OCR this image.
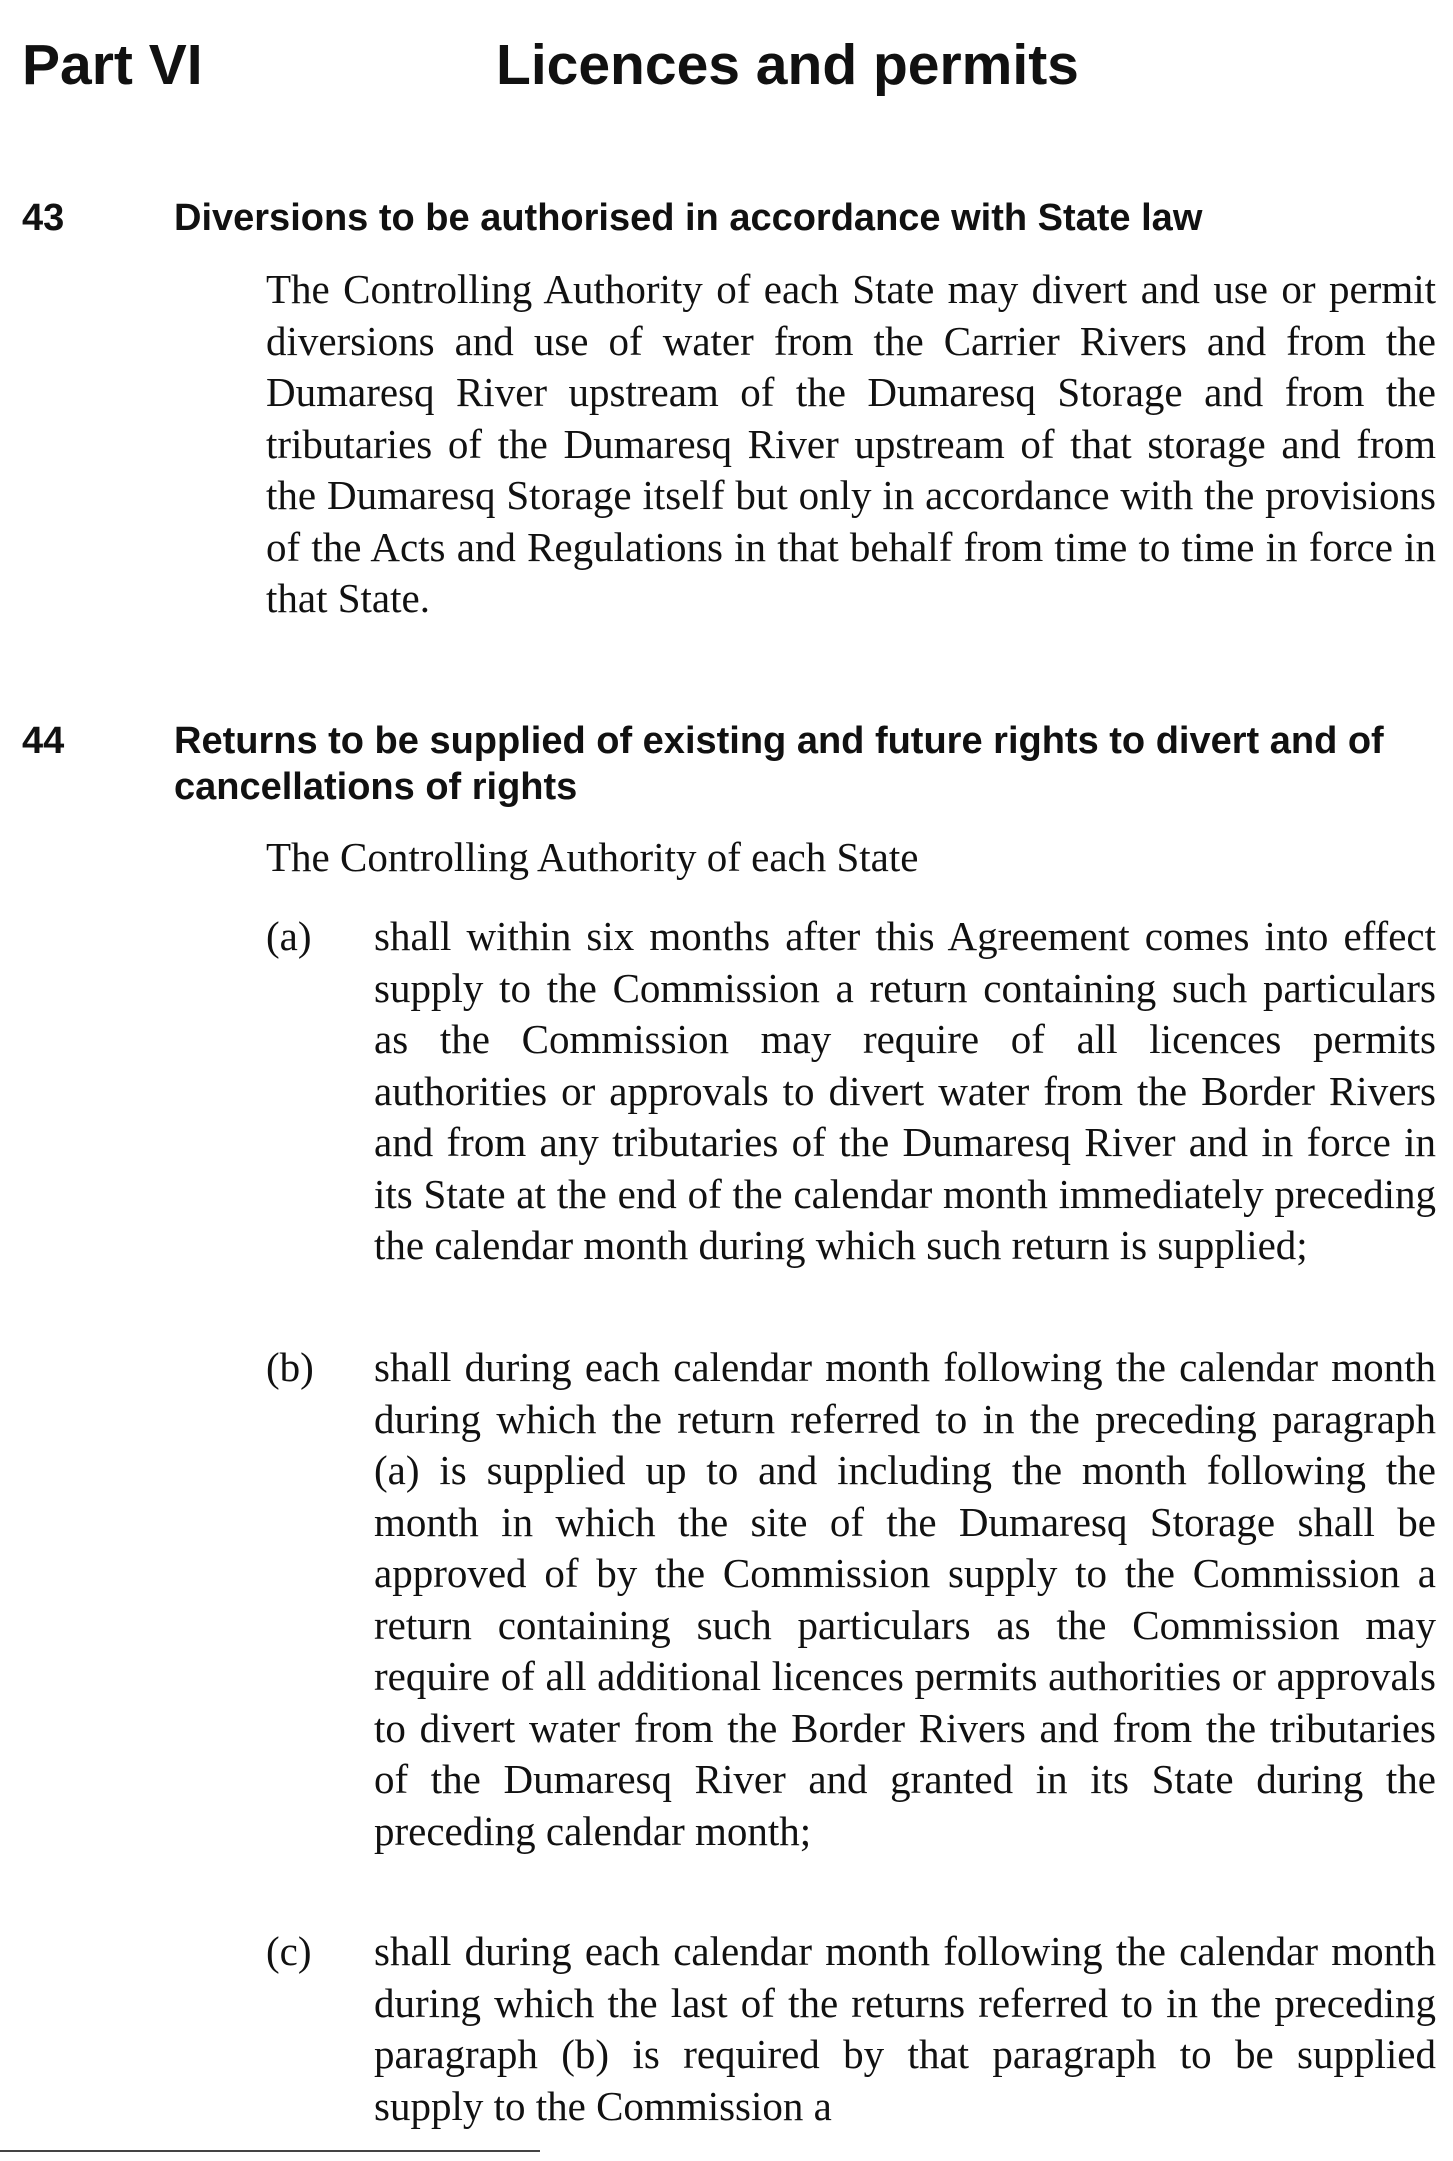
Part VI	Licences and permits
43	Diversions to be authorised in accordance with State law
The Controlling Authority of each State may divert and use or permit diversions and use of water from the Carrier Rivers and from the Dumaresq River upstream of the Dumaresq Storage and from the tributaries of the Dumaresq River upstream of that storage and from the Dumaresq Storage itself but only in accordance with the provisions of the Acts and Regulations in that behalf from time to time in force in that State.
44	Returns to be supplied of existing and future rights to divert and of cancellations of rights
The Controlling Authority of each State
(a) shall within six months after this Agreement comes into effect supply to the Commission a return containing such particulars as the Commission may require of all licences permits authorities or approvals to divert water from the Border Rivers and from any tributaries of the Dumaresq River and in force in its State at the end of the calendar month immediately preceding the calendar month during which such return is supplied;
(b) shall during each calendar month following the calendar month during which the return referred to in the preceding paragraph (a) is supplied up to and including the month following the month in which the site of the Dumaresq Storage shall be approved of by the Commission supply to the Commission a return containing such particulars as the Commission may require of all additional licences permits authorities or approvals to divert water from the Border Rivers and from the tributaries of the Dumaresq River and granted in its State during the preceding calendar month;
(c) shall during each calendar month following the calendar month during which the last of the returns referred to in the preceding paragraph (b) is required by that paragraph to be supplied supply to the Commission a
